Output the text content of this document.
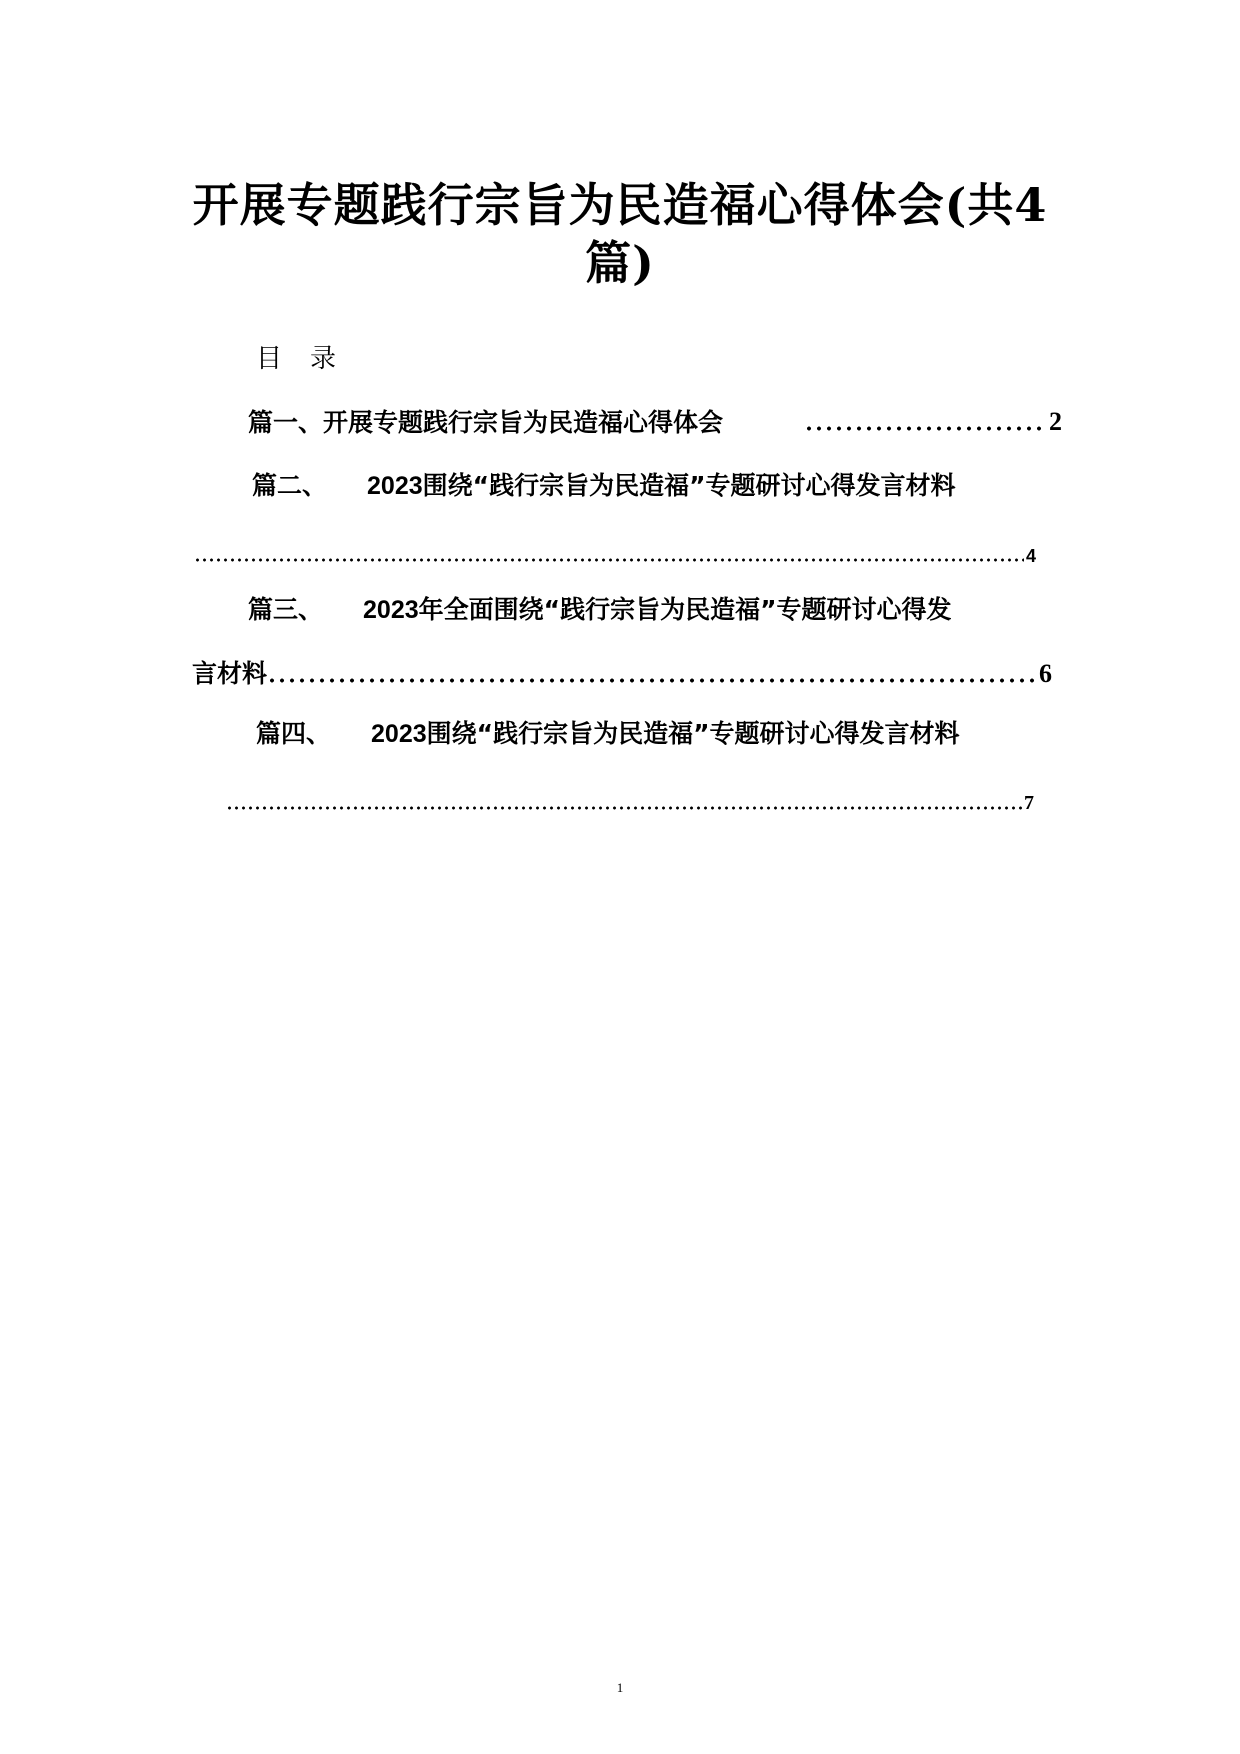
开展专题践行宗旨为民造福心得体会(共4篇)
目录
篇一、开展专题践行宗旨为民造福心得体会	2
篇二、 2023围绕“践行宗旨为民造福”专题研讨心得发言材料
4
篇三、 2023年全面围绕“践行宗旨为民造福”专题研讨心得发
言材料	6
篇四、 2023围绕“践行宗旨为民造福”专题研讨心得发言材料
7
1
